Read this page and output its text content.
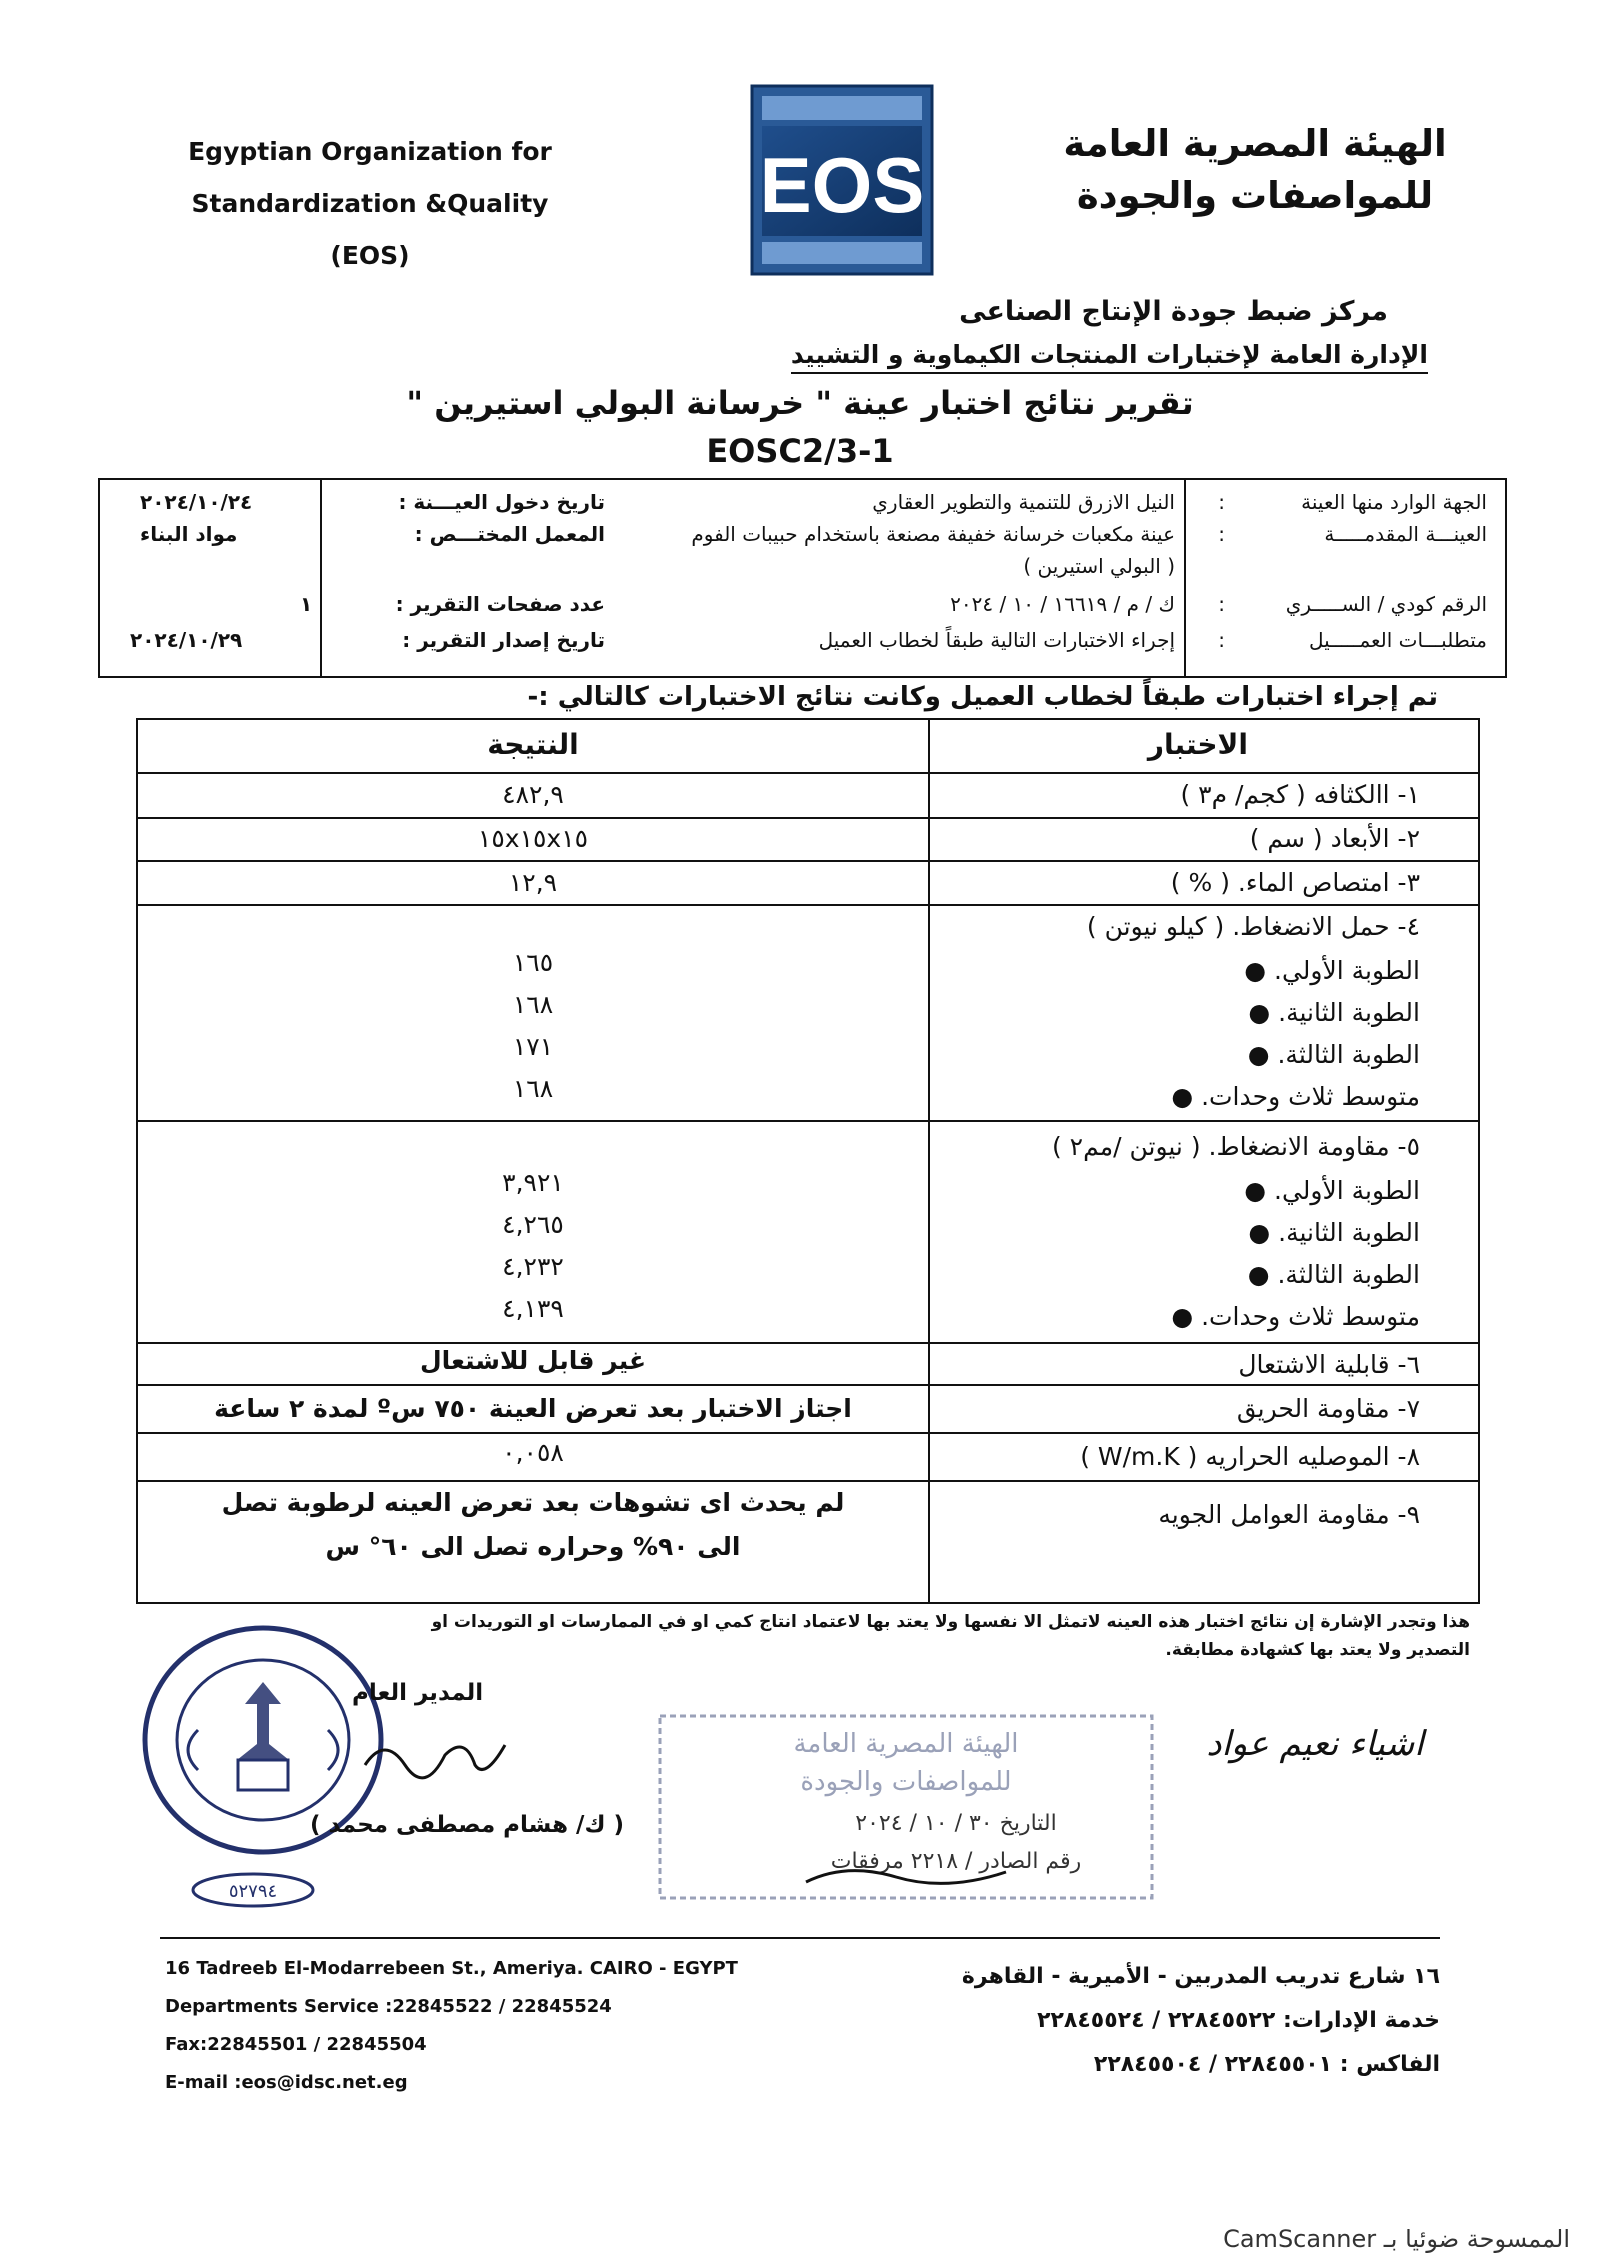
Egyptian Organization for
Standardization &Quality (EOS)
EOS	الهيئة المصرية العامة
للمواصفات والجودة
مركز ضبط جودة الإنتاج الصناعى
الإدارة العامة لإختبارات المنتجات الكيماوية و التشييد
تقرير نتائج اختبار عينة " خرسانة البولي استيرين "
EOSC2/3-1
الجهة الوارد منها العينة
:
النيل الازرق للتنمية والتطوير العقاري
تاريخ دخول العيـــنة :
٢٠٢٤/١٠/٢٤
العينـــة المقدمـــــة
:
عينة مكعبات خرسانة خفيفة مصنعة باستخدام حبيبات الفوم
المعمل المختـــص :
مواد البناء
( البولي استيرين )
الرقم كودي / الســـــري
:
ك / م / ١٦٦١٩ / ١٠ / ٢٠٢٤
عدد صفحات التقرير :
١
متطلبـــات العمـــــيل
:
إجراء الاختبارات التالية طبقاً لخطاب العميل
تاريخ إصدار التقرير :
٢٠٢٤/١٠/٢٩
تم إجراء اختبارات طبقاً لخطاب العميل وكانت نتائج الاختبارات كالتالي :-
الاختبار
النتيجة
١- االكثافه ( كجم/ م٣ )
٤٨٢,٩
٢- الأبعاد ( سم )
١٥x١٥x١٥
٣- امتصاص الماء. ( % )
١٢,٩
٤- حمل الانضغاط. ( كيلو نيوتن )
الطوبة الأولي. ●
الطوبة الثانية. ●
الطوبة الثالثة. ●
متوسط ثلاث وحدات. ●
١٦٥
١٦٨
١٧١
١٦٨
٥- مقاومة الانضغاط. ( نيوتن /مم٢ )
الطوبة الأولي. ●
الطوبة الثانية. ●
الطوبة الثالثة. ●
متوسط ثلاث وحدات. ●
٣,٩٢١
٤,٢٦٥
٤,٢٣٢
٤,١٣٩
٦- قابلية الاشتعال
غير قابل للاشتعال
٧- مقاومة الحريق
اجتاز الاختبار بعد تعرض العينة ٧٥٠ سº لمدة ٢ ساعة
٨- الموصليه الحراريه ( W/m.K )
٠,٠٥٨
٩- مقاومة العوامل الجويه
لم يحدث اى تشوهات بعد تعرض العينه لرطوبة تصل
الى ٩٠% وحراره تصل الى ٦٠° س
هذا وتجدر الإشارة إن نتائج اختبار هذه العينه لاتمثل الا نفسها ولا يعتد بها لاعتماد انتاج كمي او في الممارسات او التوريدات او
التصدير ولا يعتد بها كشهادة مطابقة.
المدير العام
( ك/ هشام مصطفى محمد )
٥٢٧٩٤
الهيئة المصرية العامة
للمواصفات والجودة
التاريخ ٣٠ / ١٠ / ٢٠٢٤
رقم الصادر / ٢٢١٨ مرفقات
اشياء نعيم عواد
16 Tadreeb El-Modarrebeen St., Ameriya. CAIRO - EGYPT
Departments Service :22845522 / 22845524
Fax:22845501 / 22845504
E-mail :eos@idsc.net.eg
١٦ شارع تدريب المدربين - الأميرية - القاهرة
خدمة الإدارات: ٢٢٨٤٥٥٢٢ / ٢٢٨٤٥٥٢٤
الفاكس : ٢٢٨٤٥٥٠١ / ٢٢٨٤٥٥٠٤
الممسوحة ضوئيا بـ CamScanner
